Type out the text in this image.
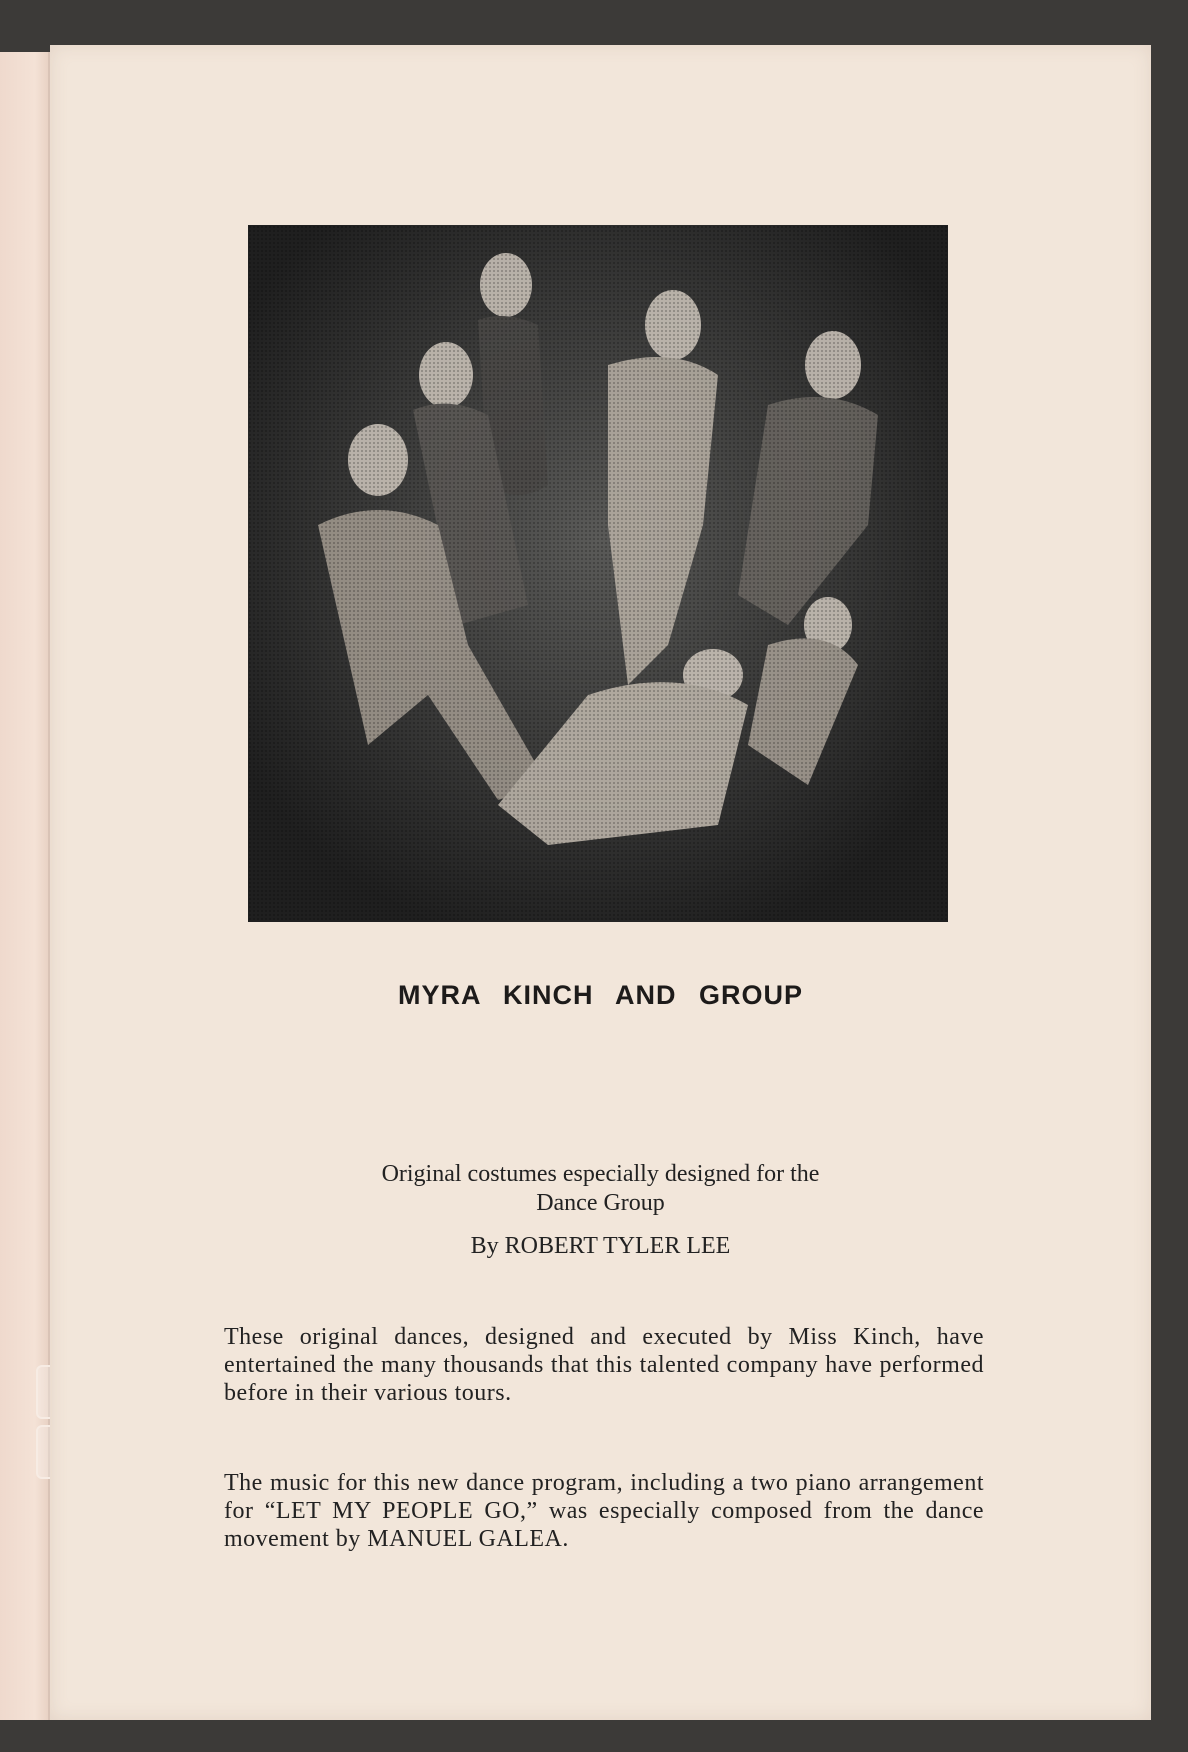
MYRA KINCH AND GROUP
Original costumes especially designed for the
Dance Group
By ROBERT TYLER LEE
These original dances, designed and executed by Miss Kinch, have entertained the many thousands that this talented company have performed before in their various tours.
The music for this new dance program, including a two piano arrangement for “LET MY PEOPLE GO,” was especially composed from the dance movement by MANUEL GALEA.
